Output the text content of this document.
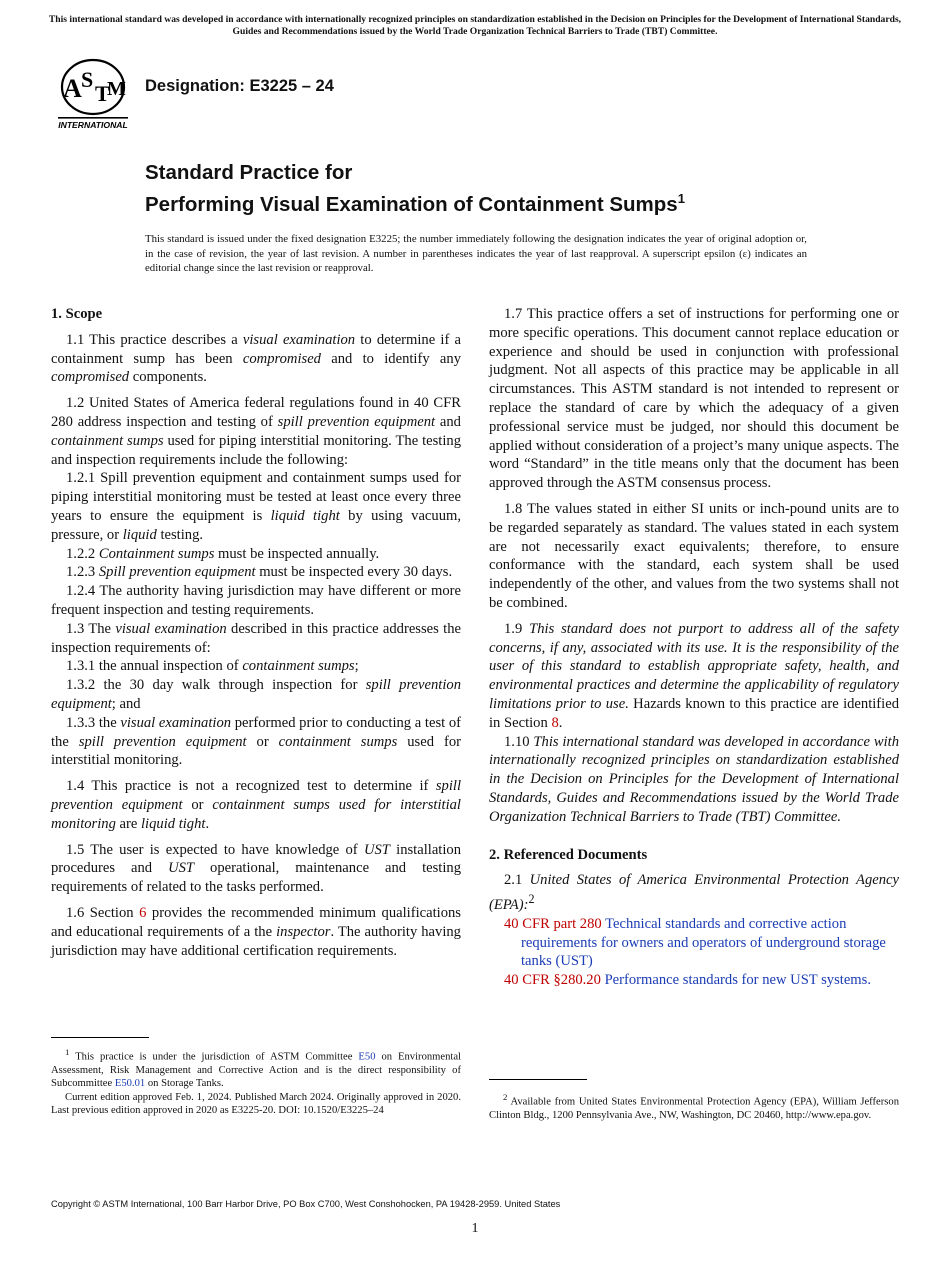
This international standard was developed in accordance with internationally recognized principles on standardization established in the Decision on Principles for the Development of International Standards, Guides and Recommendations issued by the World Trade Organization Technical Barriers to Trade (TBT) Committee.
A S
T
M
INTERNATIONAL
Designation: E3225 – 24
Standard Practice for
Performing Visual Examination of Containment Sumps$^1$
This standard is issued under the fixed designation E3225; the number immediately following the designation indicates the year of original adoption or, in the case of revision, the year of last revision. A number in parentheses indicates the year of last reapproval. A superscript epsilon (ε) indicates an editorial change since the last revision or reapproval.
1. Scope

1.1 This practice describes a visual examination to determine if a containment sump has been compromised and to identify any compromised components.

1.2 United States of America federal regulations found in 40 CFR 280 address inspection and testing of spill prevention equipment and containment sumps used for piping interstitial monitoring. The testing and inspection requirements include the following:

1.2.1 Spill prevention equipment and containment sumps used for piping interstitial monitoring must be tested at least once every three years to ensure the equipment is liquid tight by using vacuum, pressure, or liquid testing.

1.2.2 Containment sumps must be inspected annually.

1.2.3 Spill prevention equipment must be inspected every 30 days.

1.2.4 The authority having jurisdiction may have different or more frequent inspection and testing requirements.

1.3 The visual examination described in this practice addresses the inspection requirements of:

1.3.1 the annual inspection of containment sumps;

1.3.2 the 30 day walk through inspection for spill prevention equipment; and

1.3.3 the visual examination performed prior to conducting a test of the spill prevention equipment or containment sumps used for interstitial monitoring.

1.4 This practice is not a recognized test to determine if spill prevention equipment or containment sumps used for interstitial monitoring are liquid tight.

1.5 The user is expected to have knowledge of UST installation procedures and UST operational, maintenance and testing requirements of related to the tasks performed.

1.6 Section 6 provides the recommended minimum qualifications and educational requirements of a the inspector. The authority having jurisdiction may have additional certification requirements.

1.7 This practice offers a set of instructions for performing one or more specific operations. This document cannot replace education or experience and should be used in conjunction with professional judgment. Not all aspects of this practice may be applicable in all circumstances. This ASTM standard is not intended to represent or replace the standard of care by which the adequacy of a given professional service must be judged, nor should this document be applied without consideration of a project’s many unique aspects. The word “Standard” in the title means only that the document has been approved through the ASTM consensus process.

1.8 The values stated in either SI units or inch-pound units are to be regarded separately as standard. The values stated in each system are not necessarily exact equivalents; therefore, to ensure conformance with the standard, each system shall be used independently of the other, and values from the two systems shall not be combined.

1.9 This standard does not purport to address all of the safety concerns, if any, associated with its use. It is the responsibility of the user of this standard to establish appropriate safety, health, and environmental practices and determine the applicability of regulatory limitations prior to use. Hazards known to this practice are identified in Section 8.

1.10 This international standard was developed in accordance with internationally recognized principles on standardization established in the Decision on Principles for the Development of International Standards, Guides and Recommendations issued by the World Trade Organization Technical Barriers to Trade (TBT) Committee.

2. Referenced Documents

2.1 United States of America Environmental Protection Agency (EPA):$^2$

40 CFR part 280 Technical standards and corrective action requirements for owners and operators of underground storage tanks (UST)

40 CFR §280.20 Performance standards for new UST systems.

$^1$ This practice is under the jurisdiction of ASTM Committee E50 on Environmental Assessment, Risk Management and Corrective Action and is the direct responsibility of Subcommittee E50.01 on Storage Tanks.

Current edition approved Feb. 1, 2024. Published March 2024. Originally approved in 2020. Last previous edition approved in 2020 as E3225-20. DOI: 10.1520/E3225–24

$^2$ Available from United States Environmental Protection Agency (EPA), William Jefferson Clinton Bldg., 1200 Pennsylvania Ave., NW, Washington, DC 20460, http://www.epa.gov.

Copyright © ASTM International, 100 Barr Harbor Drive, PO Box C700, West Conshohocken, PA 19428-2959. United States
1
